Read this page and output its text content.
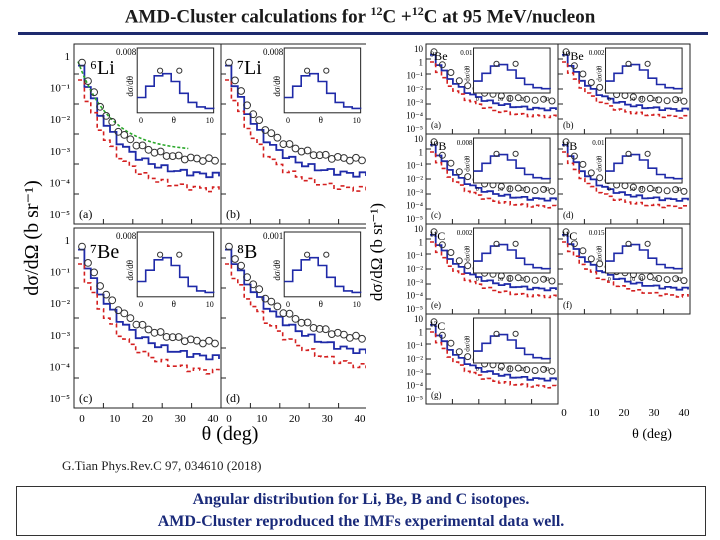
AMD-Cluster calculations for $^{12}$C +$^{12}$C at 95 MeV/nucleon
dσ/dΩ (b sr⁻¹)
θ (deg)
⁶Li
(a)
0.008
dσ/dθ
θ
0	10
⁷Li
(b)
0.008
dσ/dθ
θ
0	10
⁷Be
(c)
0.008
dσ/dθ
θ
0	10
⁸B
(d)
0.001
dσ/dθ
θ
0	10
1
10⁻¹
10⁻²
10⁻³
10⁻⁴
10⁻⁵
1
10⁻¹
10⁻²
10⁻³
10⁻⁴
10⁻⁵
0 10 20 30 40 0 10 20 30 40
dσ/dΩ (b sr⁻¹)
θ (deg)
⁹Be
(a)
0.01
dσ/dθ
θ
0	10	20	30
10
1
10⁻¹
10⁻²
10⁻³
10⁻⁴
10⁻⁵
¹⁰Be
(b)
0.002
dσ/dθ
θ
0	10	20	30
¹⁰B
(c)
0.008
dσ/dθ
θ
0	10	20	30
10
1
10⁻¹
10⁻²
10⁻³
10⁻⁴
10⁻⁵
¹¹B
(d)
0.01
dσ/dθ
θ
0	10	20	30
¹¹C
(e)
0.002
dσ/dθ
θ
0	10	20	30
10
1
10⁻¹
10⁻²
10⁻³
10⁻⁴
10⁻⁵
¹¹C
(f)
0.015
dσ/dθ
θ
0	10	20	30
¹²C
(g)
dσ/dθ
θ
0	10	20	30
10
1
10⁻¹
10⁻²
10⁻³
10⁻⁴
10⁻⁵
0 10 20 30 40
G.Tian Phys.Rev.C 97, 034610 (2018)
Angular distribution for Li, Be, B and C isotopes.
AMD-Cluster reproduced the IMFs experimental data well.
